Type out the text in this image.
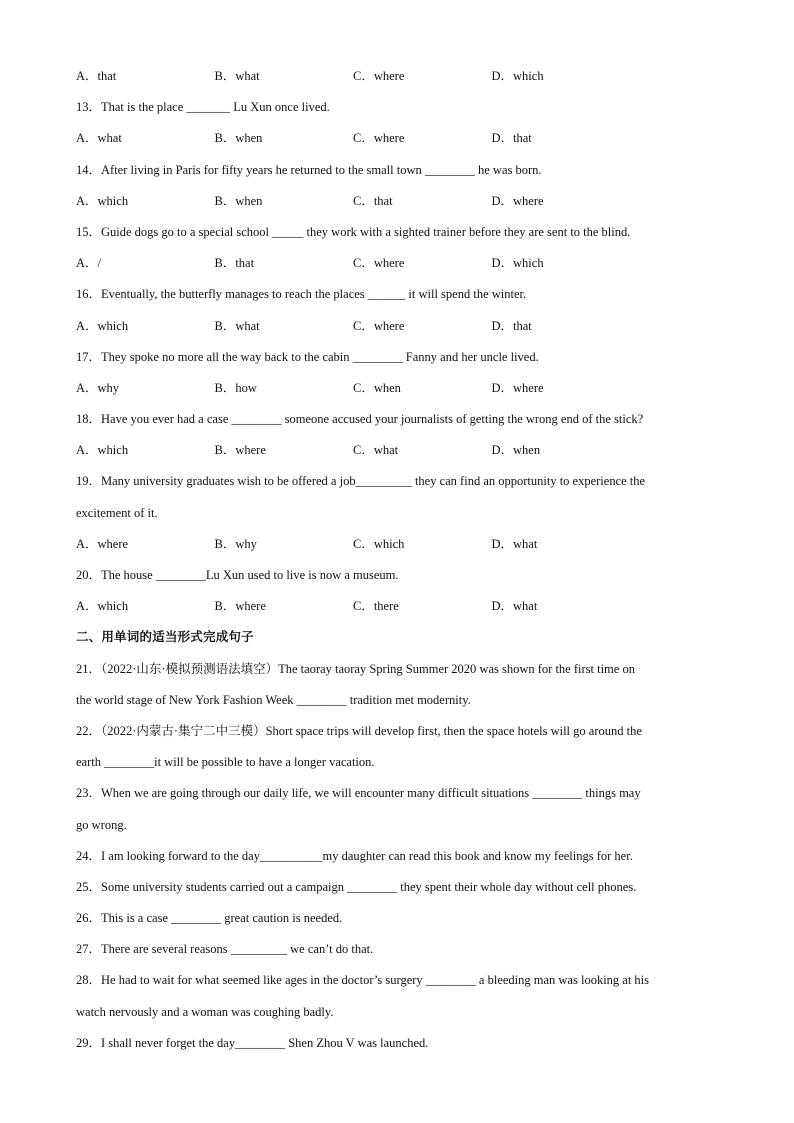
A．that	B．what	C．where	D．which
13．That is the place _______ Lu Xun once lived.
A．what	B．when	C．where	D．that
14．After living in Paris for fifty years he returned to the small town ________ he was born.
A．which	B．when	C．that	D．where
15．Guide dogs go to a special school _____ they work with a sighted trainer before they are sent to the blind.
A．/	B．that	C．where	D．which
16．Eventually, the butterfly manages to reach the places ______ it will spend the winter.
A．which	B．what	C．where	D．that
17．They spoke no more all the way back to the cabin ________ Fanny and her uncle lived.
A．why	B．how	C．when	D．where
18．Have you ever had a case ________ someone accused your journalists of getting the wrong end of the stick?
A．which	B．where	C．what	D．when
19．Many university graduates wish to be offered a job_________ they can find an opportunity to experience the
excitement of it.
A．where	B．why	C．which	D．what
20．The house ________Lu Xun used to live is now a museum.
A．which	B．where	C．there	D．what
二、用单词的适当形式完成句子
21．（2022·山东·模拟预测语法填空）The taoray taoray Spring Summer 2020 was shown for the first time on
the world stage of New York Fashion Week ________ tradition met modernity.
22．（2022·内蒙古·集宁二中三模）Short space trips will develop first, then the space hotels will go around the
earth ________it will be possible to have a longer vacation.
23．When we are going through our daily life, we will encounter many difficult situations ________ things may
go wrong.
24．I am looking forward to the day__________my daughter can read this book and know my feelings for her.
25．Some university students carried out a campaign ________ they spent their whole day without cell phones.
26．This is a case ________ great caution is needed.
27．There are several reasons _________ we can’t do that.
28．He had to wait for what seemed like ages in the doctor’s surgery ________ a bleeding man was looking at his
watch nervously and a woman was coughing badly.
29．I shall never forget the day________ Shen Zhou V was launched.
